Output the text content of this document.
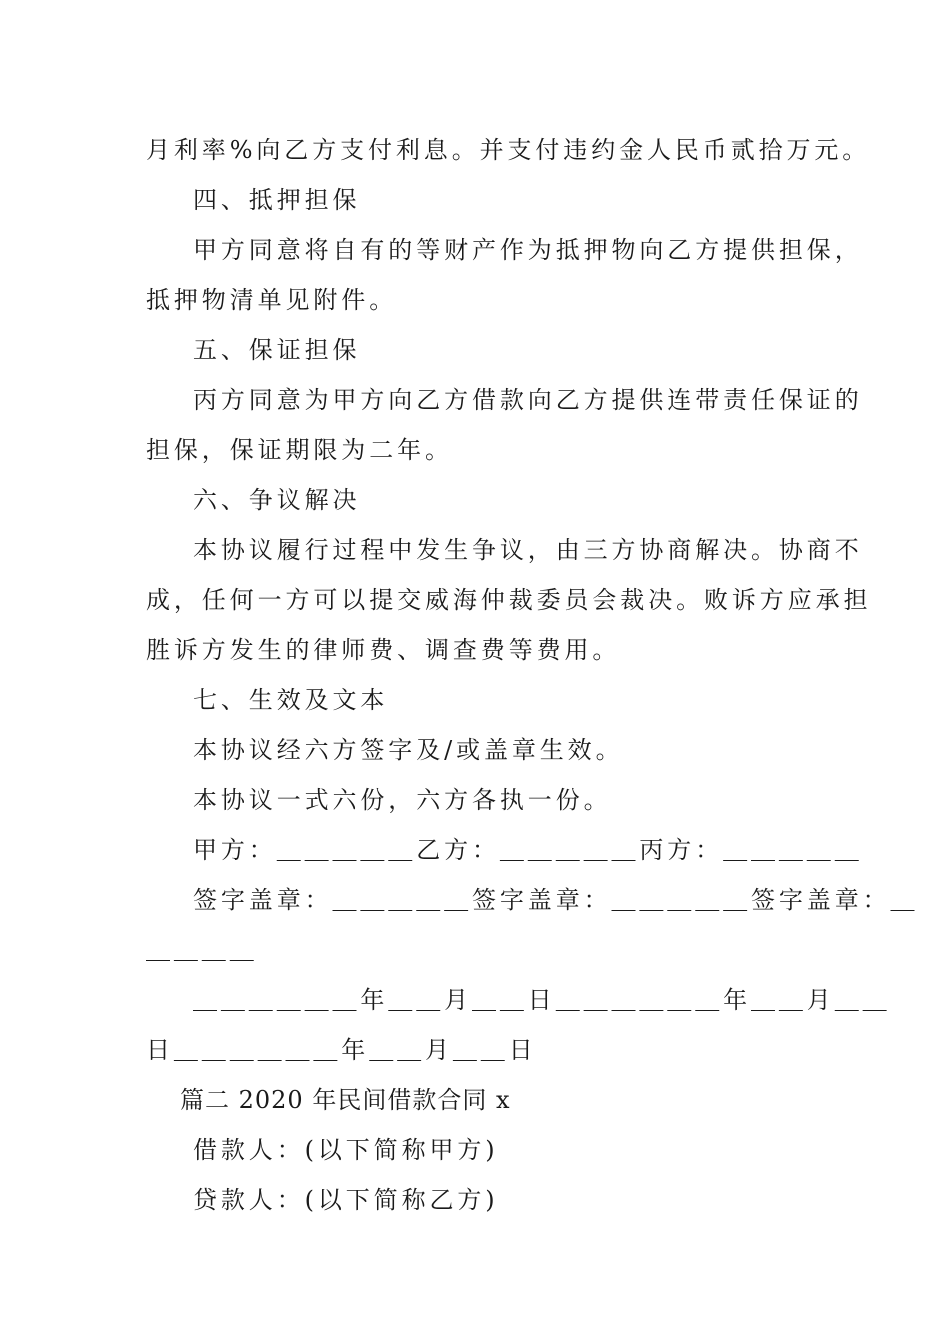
月利率%向乙方支付利息。并支付违约金人民币贰拾万元。
四、抵押担保
甲方同意将自有的等财产作为抵押物向乙方提供担保，
抵押物清单见附件。
五、保证担保
丙方同意为甲方向乙方借款向乙方提供连带责任保证的
担保，保证期限为二年。
六、争议解决
本协议履行过程中发生争议，由三方协商解决。协商不
成，任何一方可以提交威海仲裁委员会裁决。败诉方应承担
胜诉方发生的律师费、调查费等费用。
七、生效及文本
本协议经六方签字及/或盖章生效。
本协议一式六份，六方各执一份。
甲方：＿＿＿＿＿乙方：＿＿＿＿＿丙方：＿＿＿＿＿
签字盖章：＿＿＿＿＿签字盖章：＿＿＿＿＿签字盖章：＿
＿＿＿＿
＿＿＿＿＿＿年＿＿月＿＿日＿＿＿＿＿＿年＿＿月＿＿
日＿＿＿＿＿＿年＿＿月＿＿日
篇二 2020 年民间借款合同 x
借款人：(以下简称甲方)
贷款人：(以下简称乙方)
